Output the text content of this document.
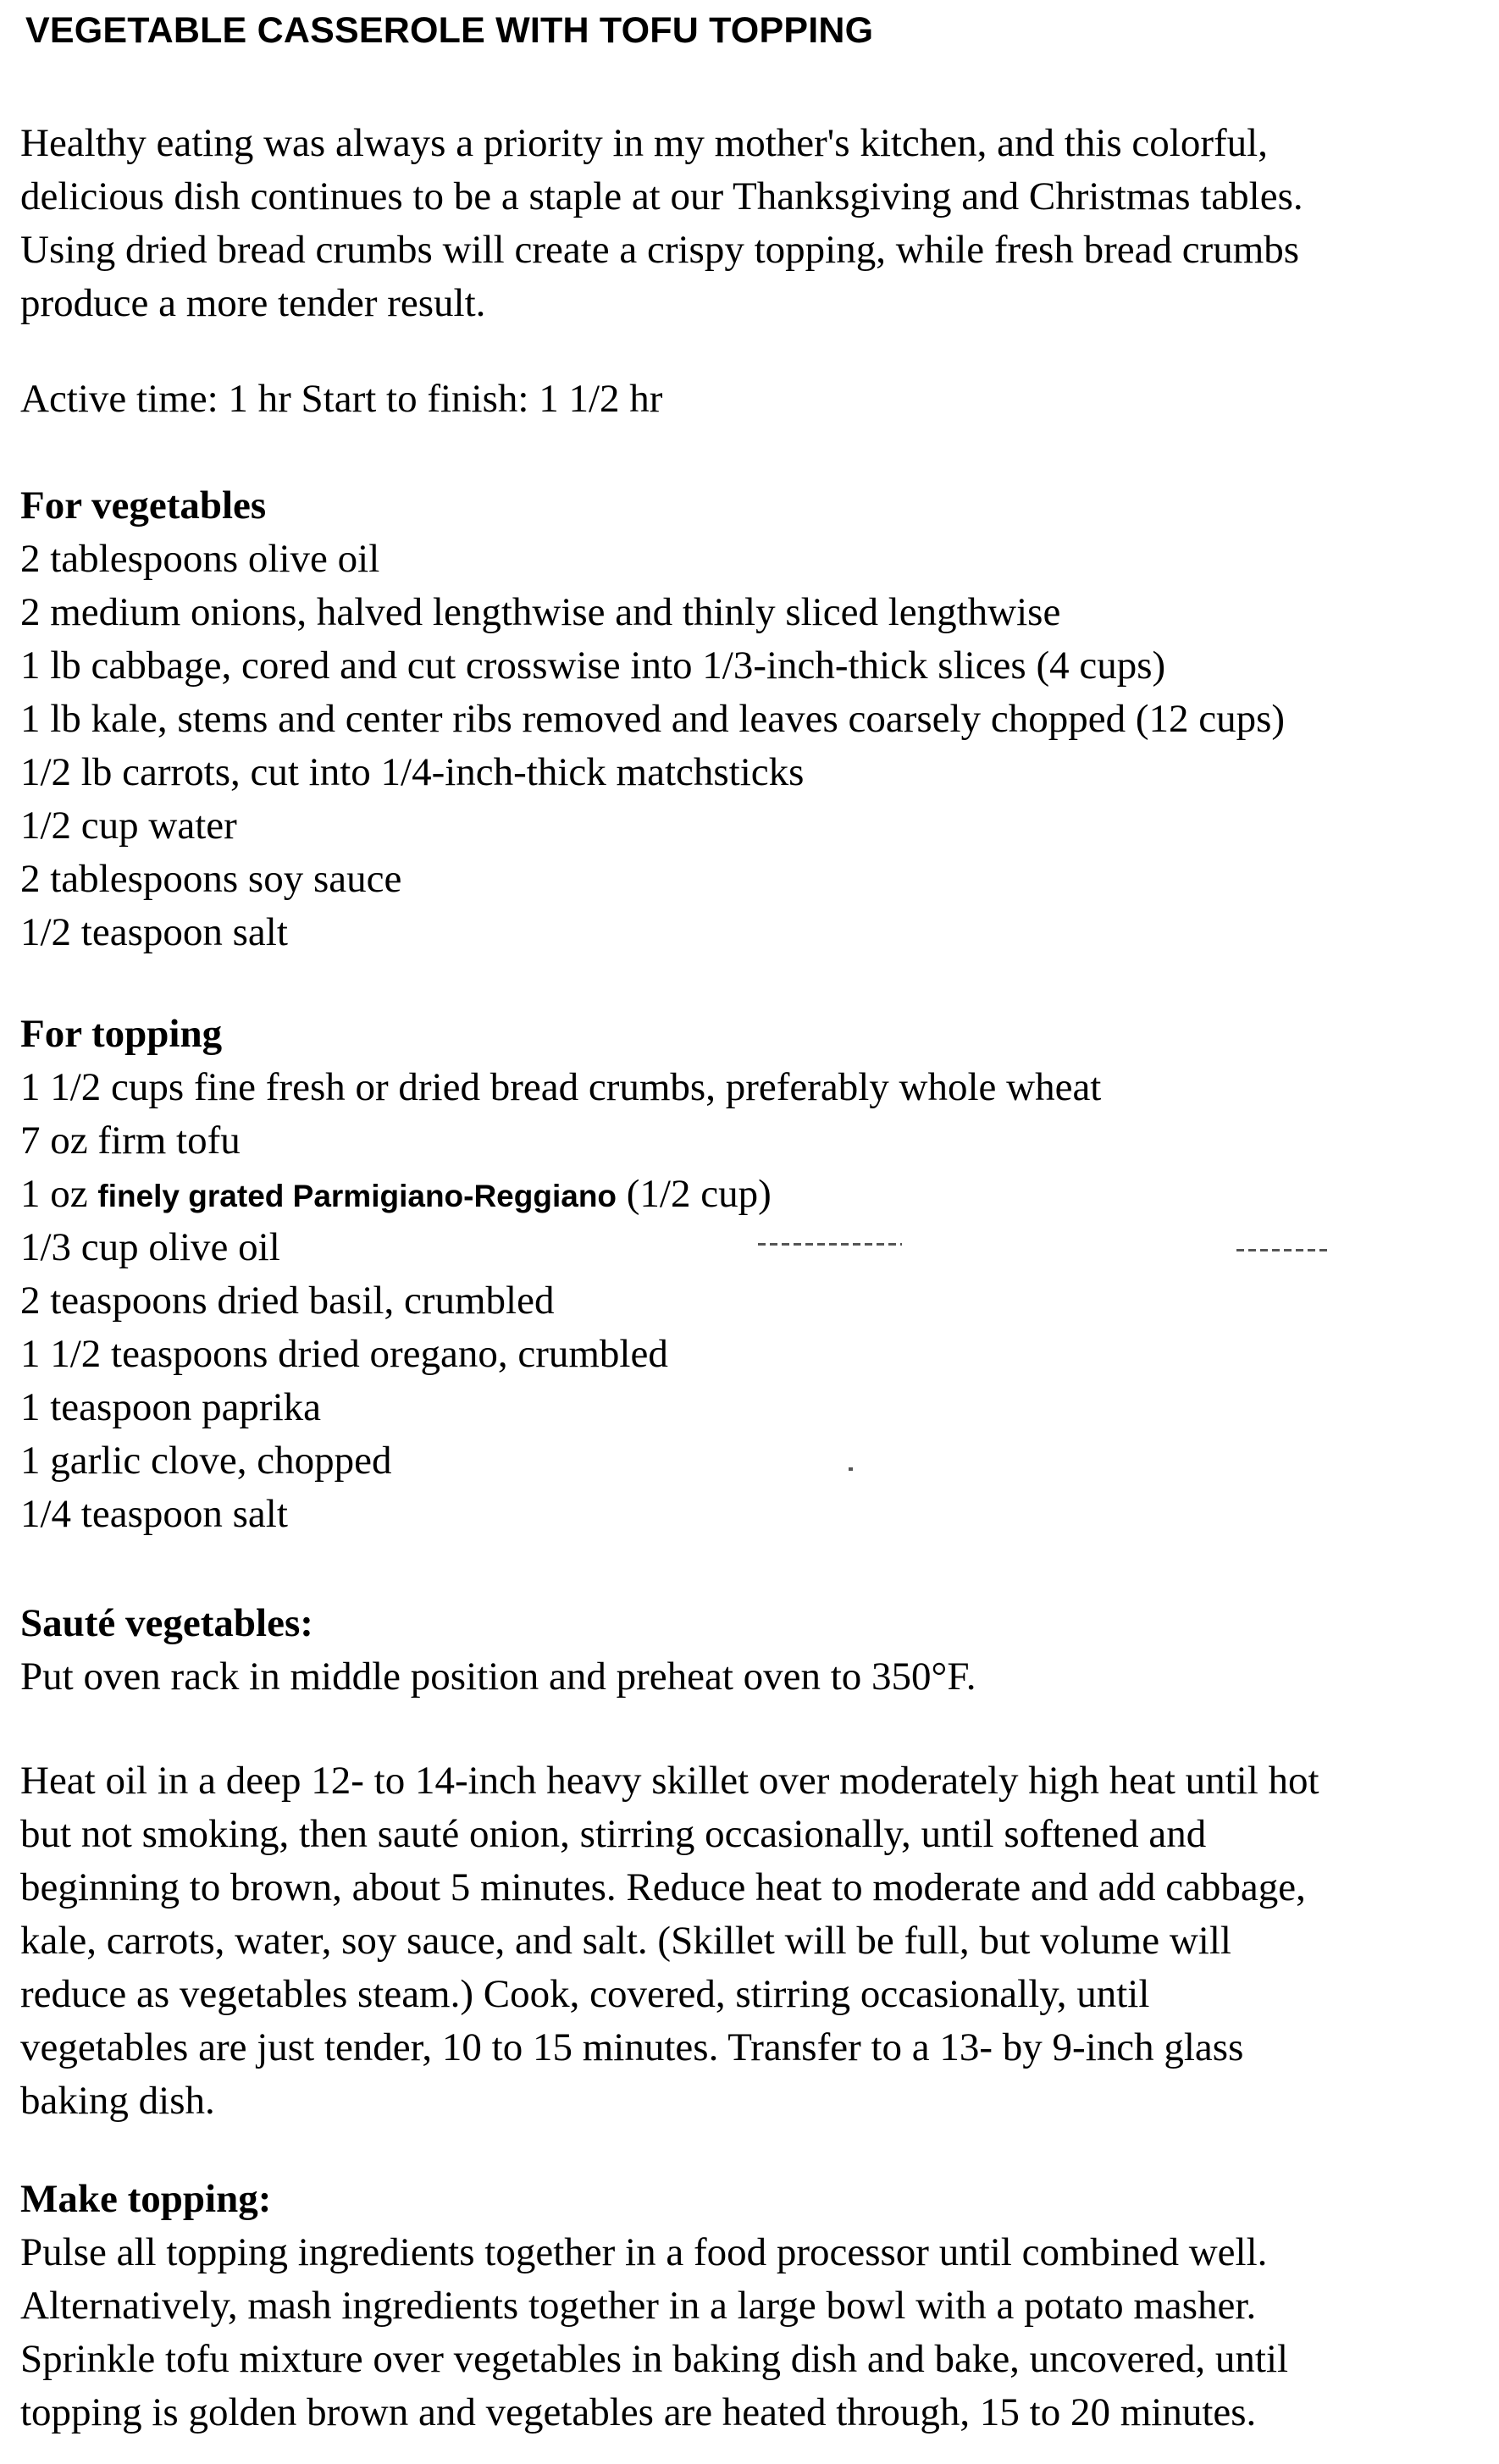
VEGETABLE CASSEROLE WITH TOFU TOPPING
Healthy eating was always a priority in my mother's kitchen, and this colorful,
delicious dish continues to be a staple at our Thanksgiving and Christmas tables.
Using dried bread crumbs will create a crispy topping, while fresh bread crumbs
produce a more tender result.
Active time: 1 hr Start to finish: 1 1/2 hr
For vegetables
2 tablespoons olive oil
2 medium onions, halved lengthwise and thinly sliced lengthwise
1 lb cabbage, cored and cut crosswise into 1/3-inch-thick slices (4 cups)
1 lb kale, stems and center ribs removed and leaves coarsely chopped (12 cups)
1/2 lb carrots, cut into 1/4-inch-thick matchsticks
1/2 cup water
2 tablespoons soy sauce
1/2 teaspoon salt
For topping
1 1/2 cups fine fresh or dried bread crumbs, preferably whole wheat
7 oz firm tofu
1 oz finely grated Parmigiano-Reggiano (1/2 cup)
1/3 cup olive oil
2 teaspoons dried basil, crumbled
1 1/2 teaspoons dried oregano, crumbled
1 teaspoon paprika
1 garlic clove, chopped
1/4 teaspoon salt
Sauté vegetables:
Put oven rack in middle position and preheat oven to 350°F.
Heat oil in a deep 12- to 14-inch heavy skillet over moderately high heat until hot
but not smoking, then sauté onion, stirring occasionally, until softened and
beginning to brown, about 5 minutes. Reduce heat to moderate and add cabbage,
kale, carrots, water, soy sauce, and salt. (Skillet will be full, but volume will
reduce as vegetables steam.) Cook, covered, stirring occasionally, until
vegetables are just tender, 10 to 15 minutes. Transfer to a 13- by 9-inch glass
baking dish.
Make topping:
Pulse all topping ingredients together in a food processor until combined well.
Alternatively, mash ingredients together in a large bowl with a potato masher.
Sprinkle tofu mixture over vegetables in baking dish and bake, uncovered, until
topping is golden brown and vegetables are heated through, 15 to 20 minutes.
